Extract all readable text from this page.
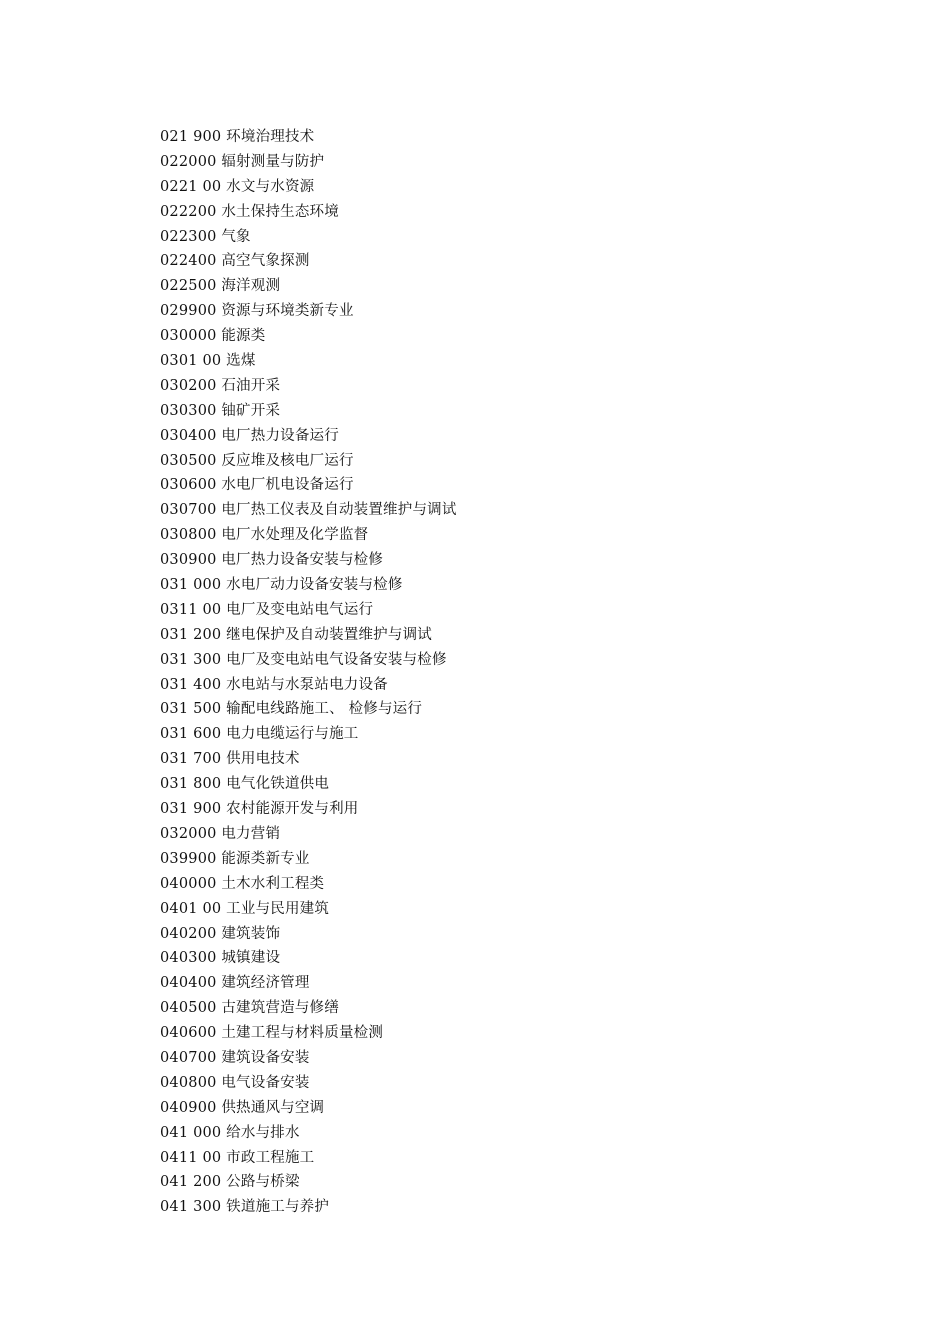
021 900 环境治理技术
022000 辐射测量与防护
0221 00 水文与水资源
022200 水土保持生态环境
022300 气象
022400 高空气象探测
022500 海洋观测
029900 资源与环境类新专业
030000 能源类
0301 00 选煤
030200 石油开采
030300 铀矿开采
030400 电厂热力设备运行
030500 反应堆及核电厂运行
030600 水电厂机电设备运行
030700 电厂热工仪表及自动装置维护与调试
030800 电厂水处理及化学监督
030900 电厂热力设备安装与检修
031 000 水电厂动力设备安装与检修
0311 00 电厂及变电站电气运行
031 200 继电保护及自动装置维护与调试
031 300 电厂及变电站电气设备安装与检修
031 400 水电站与水泵站电力设备
031 500 输配电线路施工、 检修与运行
031 600 电力电缆运行与施工
031 700 供用电技术
031 800 电气化铁道供电
031 900 农村能源开发与利用
032000 电力营销
039900 能源类新专业
040000 土木水利工程类
0401 00 工业与民用建筑
040200 建筑装饰
040300 城镇建设
040400 建筑经济管理
040500 古建筑营造与修缮
040600 土建工程与材料质量检测
040700 建筑设备安装
040800 电气设备安装
040900 供热通风与空调
041 000 给水与排水
0411 00 市政工程施工
041 200 公路与桥梁
041 300 铁道施工与养护
